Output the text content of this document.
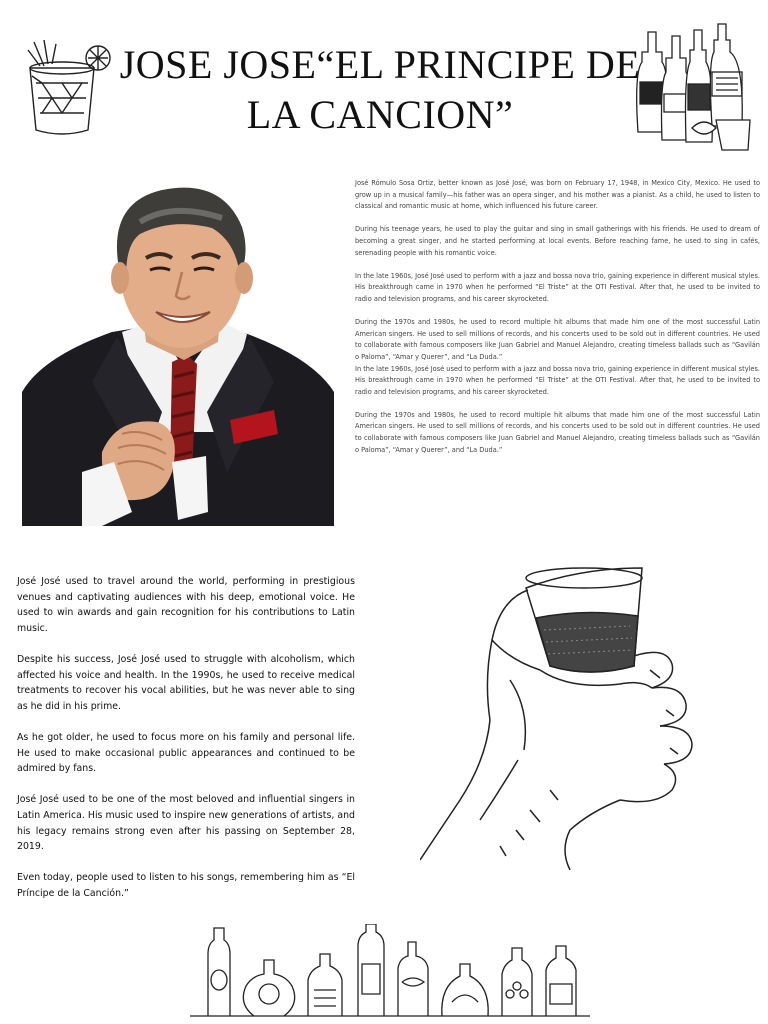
JOSE JOSE“EL PRINCIPE DE LA CANCION”

José Rómulo Sosa Ortiz, better known as José José, was born on February 17, 1948, in Mexico City, Mexico. He used to grow up in a musical family—his father was an opera singer, and his mother was a pianist. As a child, he used to listen to classical and romantic music at home, which influenced his future career.

During his teenage years, he used to play the guitar and sing in small gatherings with his friends. He used to dream of becoming a great singer, and he started performing at local events. Before reaching fame, he used to sing in cafés, serenading people with his romantic voice.

In the late 1960s, José José used to perform with a jazz and bossa nova trio, gaining experience in different musical styles. His breakthrough came in 1970 when he performed “El Triste” at the OTI Festival. After that, he used to be invited to radio and television programs, and his career skyrocketed.

During the 1970s and 1980s, he used to record multiple hit albums that made him one of the most successful Latin American singers. He used to sell millions of records, and his concerts used to be sold out in different countries. He used to collaborate with famous composers like Juan Gabriel and Manuel Alejandro, creating timeless ballads such as “Gavilán o Paloma”, “Amar y Querer”, and “La Duda.”

In the late 1960s, José José used to perform with a jazz and bossa nova trio, gaining experience in different musical styles. His breakthrough came in 1970 when he performed “El Triste” at the OTI Festival. After that, he used to be invited to radio and television programs, and his career skyrocketed.

During the 1970s and 1980s, he used to record multiple hit albums that made him one of the most successful Latin American singers. He used to sell millions of records, and his concerts used to be sold out in different countries. He used to collaborate with famous composers like Juan Gabriel and Manuel Alejandro, creating timeless ballads such as “Gavilán o Paloma”, “Amar y Querer”, and “La Duda.”

José José used to travel around the world, performing in prestigious venues and captivating audiences with his deep, emotional voice. He used to win awards and gain recognition for his contributions to Latin music.

Despite his success, José José used to struggle with alcoholism, which affected his voice and health. In the 1990s, he used to receive medical treatments to recover his vocal abilities, but he was never able to sing as he did in his prime.

As he got older, he used to focus more on his family and personal life. He used to make occasional public appearances and continued to be admired by fans.

José José used to be one of the most beloved and influential singers in Latin America. His music used to inspire new generations of artists, and his legacy remains strong even after his passing on September 28, 2019.

Even today, people used to listen to his songs, remembering him as “El Príncipe de la Canción.”
